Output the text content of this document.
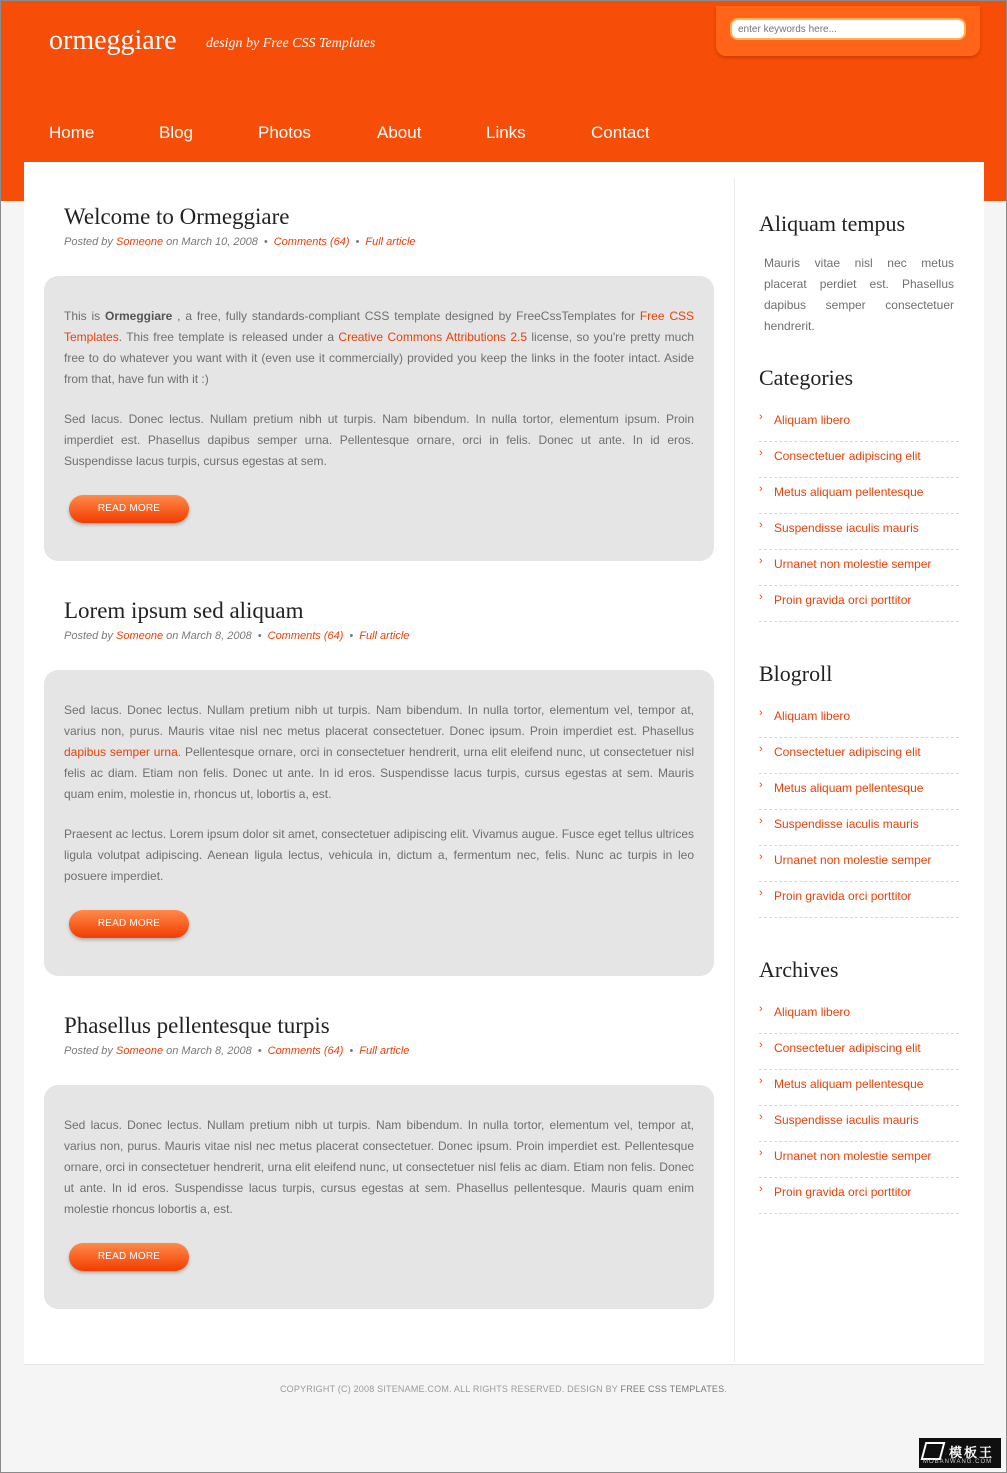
ormeggiare design by Free CSS Templates
enter keywords here...
Home	Blog	Photos	About	Links	Contact
Welcome to Ormeggiare
Posted by Someone on March 10, 2008 • Comments (64) • Full article

This is Ormeggiare , a free, fully standards-compliant CSS template designed by FreeCssTemplates for Free CSS Templates. This free template is released under a Creative Commons Attributions 2.5 license, so you're pretty much free to do whatever you want with it (even use it commercially) provided you keep the links in the footer intact. Aside from that, have fun with it :)

Sed lacus. Donec lectus. Nullam pretium nibh ut turpis. Nam bibendum. In nulla tortor, elementum ipsum. Proin imperdiet est. Phasellus dapibus semper urna. Pellentesque ornare, orci in felis. Donec ut ante. In id eros. Suspendisse lacus turpis, cursus egestas at sem.

READ MORE
Lorem ipsum sed aliquam
Posted by Someone on March 8, 2008 • Comments (64) • Full article

Sed lacus. Donec lectus. Nullam pretium nibh ut turpis. Nam bibendum. In nulla tortor, elementum vel, tempor at, varius non, purus. Mauris vitae nisl nec metus placerat consectetuer. Donec ipsum. Proin imperdiet est. Phasellus dapibus semper urna. Pellentesque ornare, orci in consectetuer hendrerit, urna elit eleifend nunc, ut consectetuer nisl felis ac diam. Etiam non felis. Donec ut ante. In id eros. Suspendisse lacus turpis, cursus egestas at sem. Mauris quam enim, molestie in, rhoncus ut, lobortis a, est.

Praesent ac lectus. Lorem ipsum dolor sit amet, consectetuer adipiscing elit. Vivamus augue. Fusce eget tellus ultrices ligula volutpat adipiscing. Aenean ligula lectus, vehicula in, dictum a, fermentum nec, felis. Nunc ac turpis in leo posuere imperdiet.

READ MORE
Phasellus pellentesque turpis
Posted by Someone on March 8, 2008 • Comments (64) • Full article

Sed lacus. Donec lectus. Nullam pretium nibh ut turpis. Nam bibendum. In nulla tortor, elementum vel, tempor at, varius non, purus. Mauris vitae nisl nec metus placerat consectetuer. Donec ipsum. Proin imperdiet est. Pellentesque ornare, orci in consectetuer hendrerit, urna elit eleifend nunc, ut consectetuer nisl felis ac diam. Etiam non felis. Donec ut ante. In id eros. Suspendisse lacus turpis, cursus egestas at sem. Phasellus pellentesque. Mauris quam enim molestie rhoncus lobortis a, est.

READ MORE
Aliquam tempus
Mauris vitae nisl nec metus placerat perdiet est. Phasellus dapibus semper consectetuer hendrerit.
Categories
› Aliquam libero
› Consectetuer adipiscing elit
› Metus aliquam pellentesque
› Suspendisse iaculis mauris
› Urnanet non molestie semper
› Proin gravida orci porttitor
Blogroll
› Aliquam libero
› Consectetuer adipiscing elit
› Metus aliquam pellentesque
› Suspendisse iaculis mauris
› Urnanet non molestie semper
› Proin gravida orci porttitor
Archives
› Aliquam libero
› Consectetuer adipiscing elit
› Metus aliquam pellentesque
› Suspendisse iaculis mauris
› Urnanet non molestie semper
› Proin gravida orci porttitor
COPYRIGHT (C) 2008 SITENAME.COM. ALL RIGHTS RESERVED. DESIGN BY FREE CSS TEMPLATES.
模板王
MOBANWANG.COM
